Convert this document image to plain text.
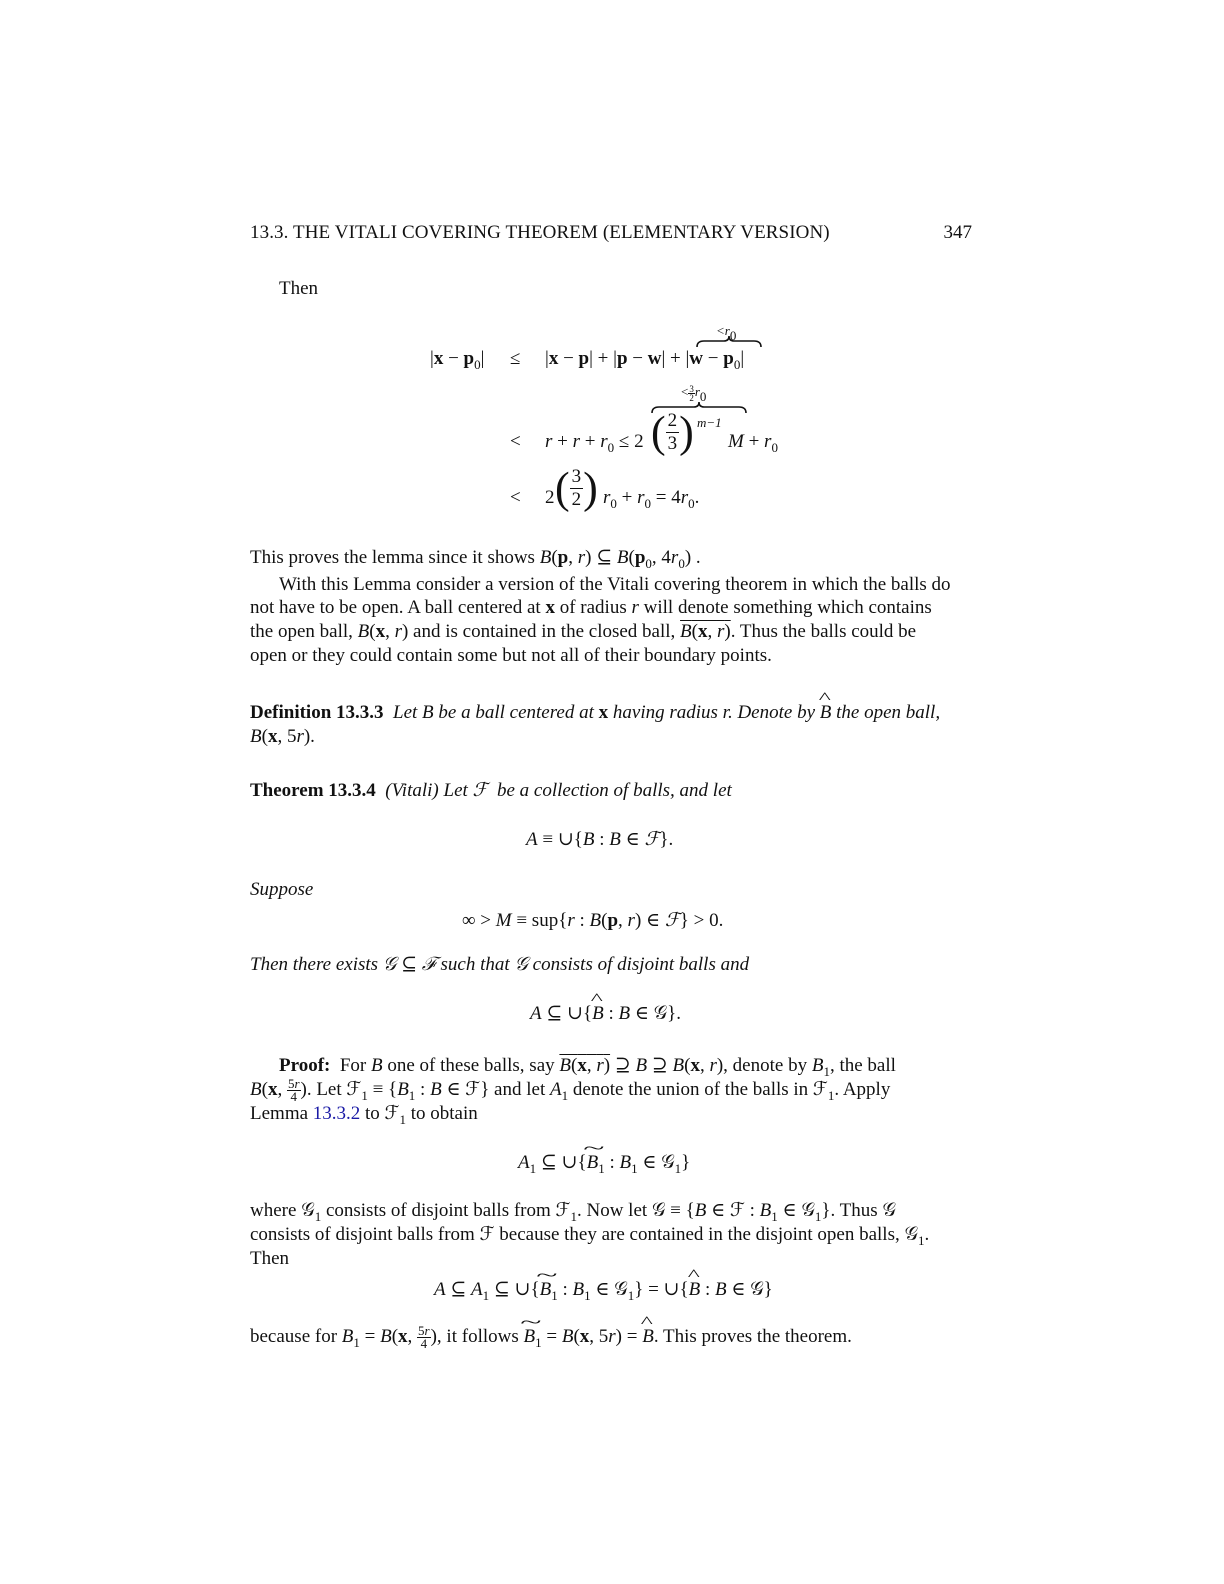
13.3. THE VITALI COVERING THEOREM (ELEMENTARY VERSION)	347
Then
<r0
$|x - p_0| \le |x - p| + |p - w| + |w - p_0|$
< $\frac{3}{2} r0$
< $r + r + r_0 \le 2$ ( $\frac{2}{3}$ ) m−1
$M + r_0$
< 2 ( $\frac{3}{2}$ ) $r_0 + r_0 = 4r_0$.
This proves the lemma since it shows B(p, r) ⊆ $B(p_0$, $4r_0$) .
With this Lemma consider a version of the Vitali covering theorem in which the balls do
not have to be open. A ball centered at x of radius r will denote something which contains
the open ball, B(x, r) and is contained in the closed ball, B(x, r). Thus the balls could be
open or they could contain some but not all of their boundary points.
Definition 13.3.3 Let B be a ball centered at x having radius r. Denote by ^ B the open ball,
B(x, 5r).
Theorem 13.3.4 (Vitali) Let ℱ  be a collection of balls, and let
A ≡ ∪{B : B ∈ ℱ}.
Suppose
∞ > M ≡ sup{r : B(p, r) ∈ ℱ} > 0.
Then there exists 𝒢 ⊆ ℱ such that 𝒢 consists of disjoint balls and
A ⊆ ∪{^ B : B ∈ 𝒢}.
Proof:  For B one of these balls, say B(x, r) ⊇ B ⊇ B(x, r), denote by $B_1$, the ball
B(x, $\frac{5r}{4}$ ). Let ℱ$_1$ ≡ {$B_1$ : B ∈ ℱ} and let $A_1$ denote the union of the balls in ℱ$_1$. Apply
Lemma 13.3.2 to ℱ$_1$ to obtain
$A_1$ ⊆ ∪{~ $B_1$ : $B_1$ ∈ 𝒢$_1$}
where 𝒢$_1$ consists of disjoint balls from ℱ$_1$. Now let 𝒢 ≡ {B ∈ ℱ : $B_1$ ∈ 𝒢$_1$}. Thus 𝒢
consists of disjoint balls from ℱ because they are contained in the disjoint open balls, 𝒢$_1$.
Then
A ⊆ $A_1$ ⊆ ∪{~ $B_1$ : $B_1$ ∈ 𝒢$_1$} = ∪{^ B : B ∈ 𝒢}
because for $B_1 = B(x$, $\frac{5r}{4}$ ), it follows ~ $B_1 = B(x$, 5r) = ^ B. This proves the theorem.
